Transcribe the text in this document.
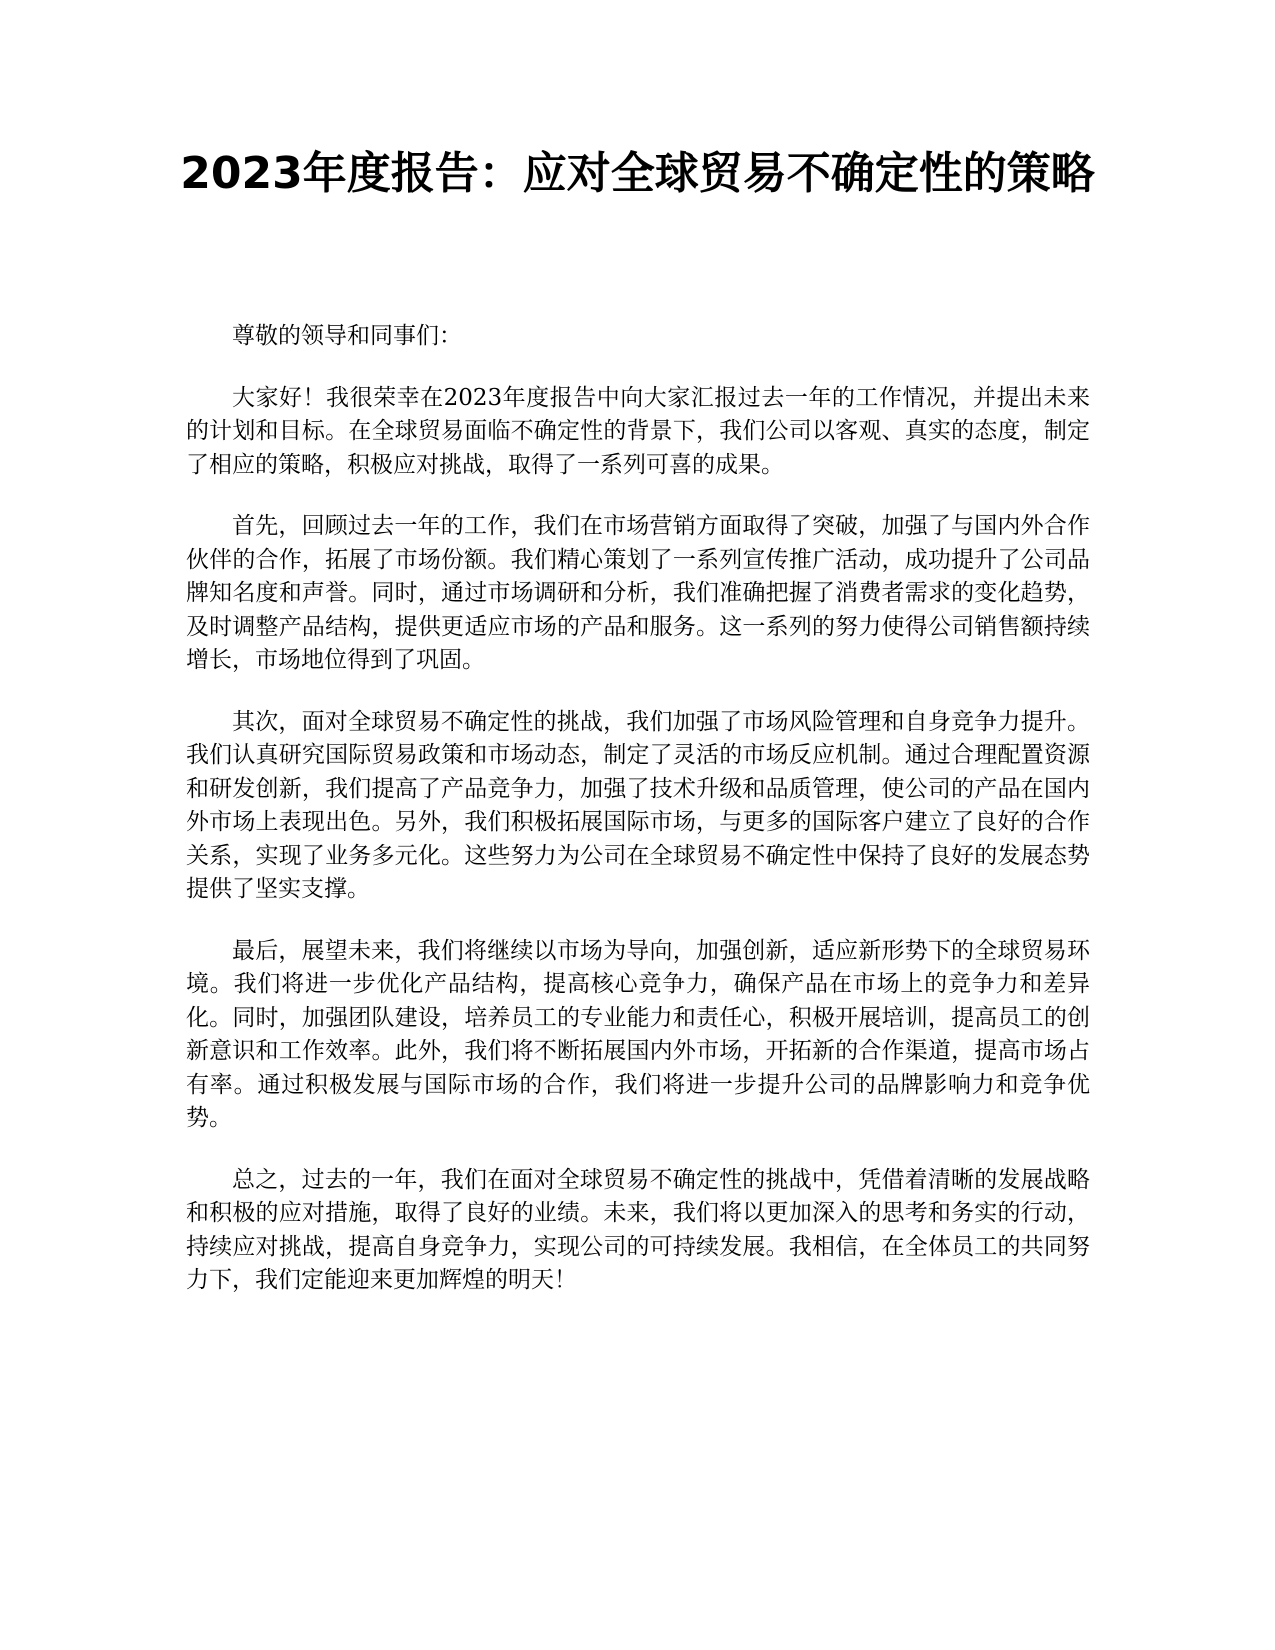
2023年度报告：应对全球贸易不确定性的策略

尊敬的领导和同事们：

大家好！我很荣幸在2023年度报告中向大家汇报过去一年的工作情况，并提出未来的计划和目标。在全球贸易面临不确定性的背景下，我们公司以客观、真实的态度，制定了相应的策略，积极应对挑战，取得了一系列可喜的成果。

首先，回顾过去一年的工作，我们在市场营销方面取得了突破，加强了与国内外合作伙伴的合作，拓展了市场份额。我们精心策划了一系列宣传推广活动，成功提升了公司品牌知名度和声誉。同时，通过市场调研和分析，我们准确把握了消费者需求的变化趋势，及时调整产品结构，提供更适应市场的产品和服务。这一系列的努力使得公司销售额持续增长，市场地位得到了巩固。

其次，面对全球贸易不确定性的挑战，我们加强了市场风险管理和自身竞争力提升。我们认真研究国际贸易政策和市场动态，制定了灵活的市场反应机制。通过合理配置资源和研发创新，我们提高了产品竞争力，加强了技术升级和品质管理，使公司的产品在国内外市场上表现出色。另外，我们积极拓展国际市场，与更多的国际客户建立了良好的合作关系，实现了业务多元化。这些努力为公司在全球贸易不确定性中保持了良好的发展态势提供了坚实支撑。

最后，展望未来，我们将继续以市场为导向，加强创新，适应新形势下的全球贸易环境。我们将进一步优化产品结构，提高核心竞争力，确保产品在市场上的竞争力和差异化。同时，加强团队建设，培养员工的专业能力和责任心，积极开展培训，提高员工的创新意识和工作效率。此外，我们将不断拓展国内外市场，开拓新的合作渠道，提高市场占有率。通过积极发展与国际市场的合作，我们将进一步提升公司的品牌影响力和竞争优势。

总之，过去的一年，我们在面对全球贸易不确定性的挑战中，凭借着清晰的发展战略和积极的应对措施，取得了良好的业绩。未来，我们将以更加深入的思考和务实的行动，持续应对挑战，提高自身竞争力，实现公司的可持续发展。我相信，在全体员工的共同努力下，我们定能迎来更加辉煌的明天！
